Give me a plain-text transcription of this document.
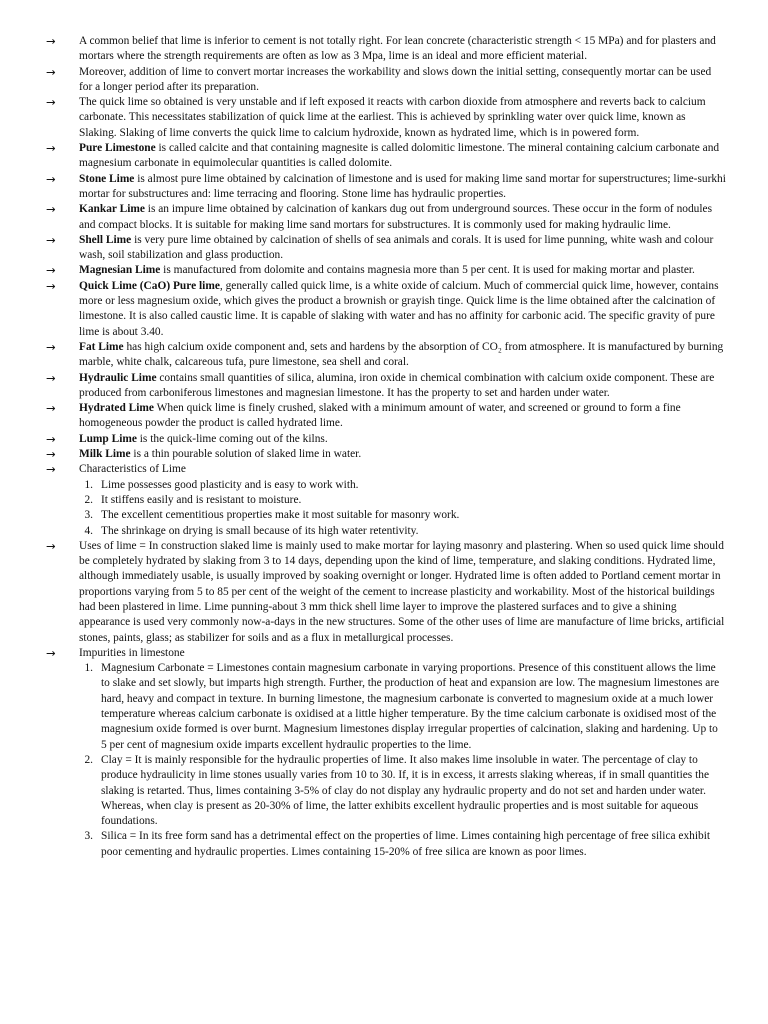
→ A common belief that lime is inferior to cement is not totally right. For lean concrete (characteristic strength < 15 MPa) and for plasters and mortars where the strength requirements are often as low as 3 Mpa, lime is an ideal and more efficient material.
→ Moreover, addition of lime to convert mortar increases the workability and slows down the initial setting, consequently mortar can be used for a longer period after its preparation.
→ The quick lime so obtained is very unstable and if left exposed it reacts with carbon dioxide from atmosphere and reverts back to calcium carbonate. This necessitates stabilization of quick lime at the earliest. This is achieved by sprinkling water over quick lime, known as Slaking. Slaking of lime converts the quick lime to calcium hydroxide, known as hydrated lime, which is in powered form.
→ Pure Limestone is called calcite and that containing magnesite is called dolomitic limestone. The mineral containing calcium carbonate and magnesium carbonate in equimolecular quantities is called dolomite.
→ Stone Lime is almost pure lime obtained by calcination of limestone and is used for making lime sand mortar for superstructures; lime-surkhi mortar for substructures and: lime terracing and flooring. Stone lime has hydraulic properties.
→ Kankar Lime is an impure lime obtained by calcination of kankars dug out from underground sources. These occur in the form of nodules and compact blocks. It is suitable for making lime sand mortars for substructures. It is commonly used for making hydraulic lime.
→ Shell Lime is very pure lime obtained by calcination of shells of sea animals and corals. It is used for lime punning, white wash and colour wash, soil stabilization and glass production.
→ Magnesian Lime is manufactured from dolomite and contains magnesia more than 5 per cent. It is used for making mortar and plaster.
→ Quick Lime (CaO) Pure lime, generally called quick lime, is a white oxide of calcium. Much of commercial quick lime, however, contains more or less magnesium oxide, which gives the product a brownish or grayish tinge. Quick lime is the lime obtained after the calcination of limestone. It is also called caustic lime. It is capable of slaking with water and has no affinity for carbonic acid. The specific gravity of pure lime is about 3.40.
→ Fat Lime has high calcium oxide component and, sets and hardens by the absorption of CO₂ from atmosphere. It is manufactured by burning marble, white chalk, calcareous tufa, pure limestone, sea shell and coral.
→ Hydraulic Lime contains small quantities of silica, alumina, iron oxide in chemical combination with calcium oxide component. These are produced from carboniferous limestones and magnesian limestone. It has the property to set and harden under water.
→ Hydrated Lime When quick lime is finely crushed, slaked with a minimum amount of water, and screened or ground to form a fine homogeneous powder the product is called hydrated lime.
→ Lump Lime is the quick-lime coming out of the kilns.
→ Milk Lime is a thin pourable solution of slaked lime in water.
→ Characteristics of Lime
1. Lime possesses good plasticity and is easy to work with.
2. It stiffens easily and is resistant to moisture.
3. The excellent cementitious properties make it most suitable for masonry work.
4. The shrinkage on drying is small because of its high water retentivity.
→ Uses of lime = In construction slaked lime is mainly used to make mortar for laying masonry and plastering. When so used quick lime should be completely hydrated by slaking from 3 to 14 days, depending upon the kind of lime, temperature, and slaking conditions. Hydrated lime, although immediately usable, is usually improved by soaking overnight or longer. Hydrated lime is often added to Portland cement mortar in proportions varying from 5 to 85 per cent of the weight of the cement to increase plasticity and workability. Most of the historical buildings had been plastered in lime. Lime punning-about 3 mm thick shell lime layer to improve the plastered surfaces and to give a shining appearance is used very commonly now-a-days in the new structures. Some of the other uses of lime are manufacture of lime bricks, artificial stones, paints, glass; as stabilizer for soils and as a flux in metallurgical processes.
→ Impurities in limestone
1. Magnesium Carbonate = Limestones contain magnesium carbonate in varying proportions. Presence of this constituent allows the lime to slake and set slowly, but imparts high strength. Further, the production of heat and expansion are low. The magnesium limestones are hard, heavy and compact in texture. In burning limestone, the magnesium carbonate is converted to magnesium oxide at a much lower temperature whereas calcium carbonate is oxidised at a little higher temperature. By the time calcium carbonate is oxidised most of the magnesium oxide formed is over burnt. Magnesium limestones display irregular properties of calcination, slaking and hardening. Up to 5 per cent of magnesium oxide imparts excellent hydraulic properties to the lime.
2. Clay = It is mainly responsible for the hydraulic properties of lime. It also makes lime insoluble in water. The percentage of clay to produce hydraulicity in lime stones usually varies from 10 to 30. If, it is in excess, it arrests slaking whereas, if in small quantities the slaking is retarted. Thus, limes containing 3-5% of clay do not display any hydraulic property and do not set and harden under water. Whereas, when clay is present as 20-30% of lime, the latter exhibits excellent hydraulic properties and is most suitable for aqueous foundations.
3. Silica = In its free form sand has a detrimental effect on the properties of lime. Limes containing high percentage of free silica exhibit poor cementing and hydraulic properties. Limes containing 15-20% of free silica are known as poor limes.
